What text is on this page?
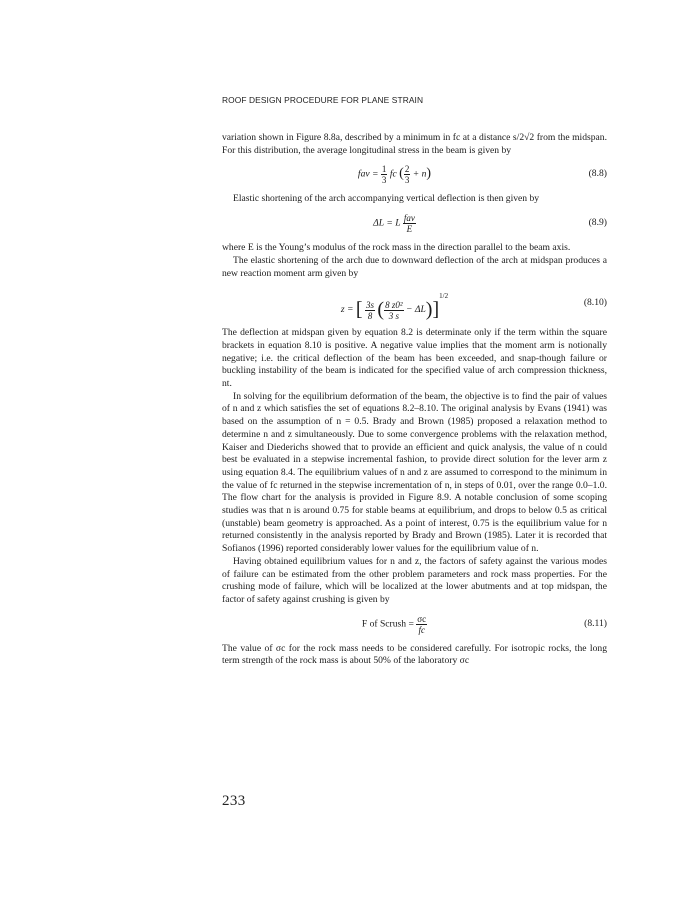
ROOF DESIGN PROCEDURE FOR PLANE STRAIN

variation shown in Figure 8.8a, described by a minimum in fc at a distance s/2√2 from the midspan. For this distribution, the average longitudinal stress in the beam is given by

fav = $\frac{1}{3}$ fc ( $\frac{2}{3} + n$)	(8.8)

Elastic shortening of the arch accompanying vertical deflection is then given by

ΔL = L $\frac{\text{fav}}{E}$	(8.9)

where E is the Young’s modulus of the rock mass in the direction parallel to the beam axis.

The elastic shortening of the arch due to downward deflection of the arch at midspan produces a new reaction moment arm given by

z = [ $\frac{3s}{8}$ ( $\frac{\text{8 z0²}}{3 s} - \Delta L)]^{1/2}$
(8.10)

The deflection at midspan given by equation 8.2 is determinate only if the term within the square brackets in equation 8.10 is positive. A negative value implies that the moment arm is notionally negative; i.e. the critical deflection of the beam has been exceeded, and snap-though failure or buckling instability of the beam is indicated for the specified value of arch compression thickness, nt.

In solving for the equilibrium deformation of the beam, the objective is to find the pair of values of n and z which satisfies the set of equations 8.2–8.10. The original analysis by Evans (1941) was based on the assumption of n = 0.5. Brady and Brown (1985) proposed a relaxation method to determine n and z simultaneously. Due to some convergence problems with the relaxation method, Kaiser and Diederichs showed that to provide an efficient and quick analysis, the value of n could best be evaluated in a stepwise incremental fashion, to provide direct solution for the lever arm z using equation 8.4. The equilibrium values of n and z are assumed to correspond to the minimum in the value of fc returned in the stepwise incrementation of n, in steps of 0.01, over the range 0.0–1.0. The flow chart for the analysis is provided in Figure 8.9. A notable conclusion of some scoping studies was that n is around 0.75 for stable beams at equilibrium, and drops to below 0.5 as critical (unstable) beam geometry is approached. As a point of interest, 0.75 is the equilibrium value for n returned consistently in the analysis reported by Brady and Brown (1985). Later it is recorded that Sofianos (1996) reported considerably lower values for the equilibrium value of n.

Having obtained equilibrium values for n and z, the factors of safety against the various modes of failure can be estimated from the other problem parameters and rock mass properties. For the crushing mode of failure, which will be localized at the lower abutments and at top midspan, the factor of safety against crushing is given by

F of Scrush = $\frac{\sigma c}{fc}$	(8.11)

The value of σc for the rock mass needs to be considered carefully. For isotropic rocks, the long term strength of the rock mass is about 50% of the laboratory σc

233
